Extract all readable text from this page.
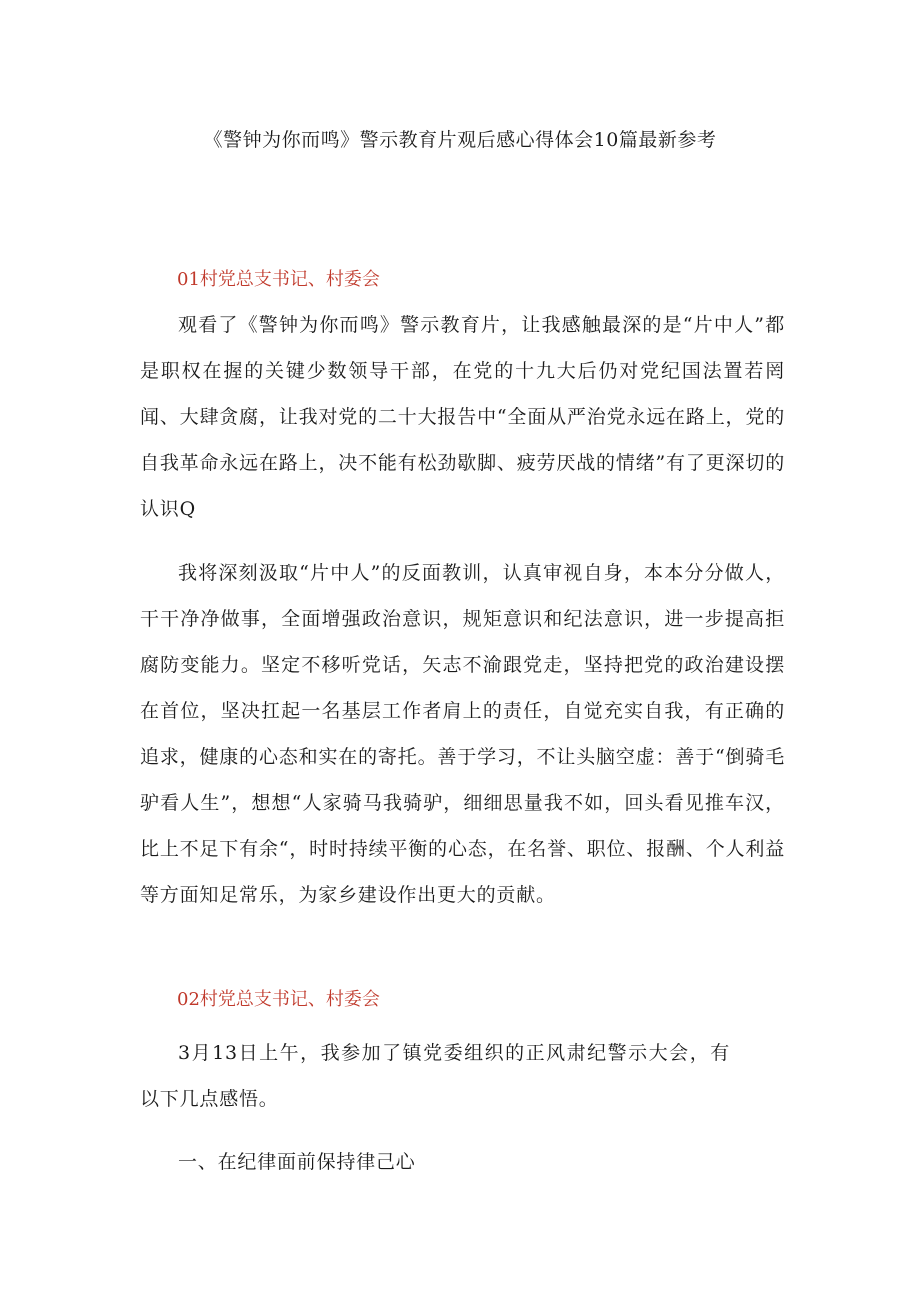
《警钟为你而鸣》警示教育片观后感心得体会10篇最新参考
01村党总支书记、村委会

观看了《警钟为你而鸣》警示教育片，让我感触最深的是“片中人”都是职权在握的关键少数领导干部，在党的十九大后仍对党纪国法置若罔闻、大肆贪腐，让我对党的二十大报告中“全面从严治党永远在路上，党的自我革命永远在路上，决不能有松劲歇脚、疲劳厌战的情绪”有了更深切的认识Q

我将深刻汲取“片中人”的反面教训，认真审视自身，本本分分做人，干干净净做事，全面增强政治意识，规矩意识和纪法意识，进一步提高拒腐防变能力。坚定不移听党话，矢志不渝跟党走，坚持把党的政治建设摆在首位，坚决扛起一名基层工作者肩上的责任，自觉充实自我，有正确的追求，健康的心态和实在的寄托。善于学习，不让头脑空虚：善于“倒骑毛驴看人生”，想想“人家骑马我骑驴，细细思量我不如，回头看见推车汉，比上不足下有余“，时时持续平衡的心态，在名誉、职位、报酬、个人利益等方面知足常乐，为家乡建设作出更大的贡献。

02村党总支书记、村委会

3月13日上午，我参加了镇党委组织的正风肃纪警示大会，有以下几点感悟。

一、在纪律面前保持律己心
